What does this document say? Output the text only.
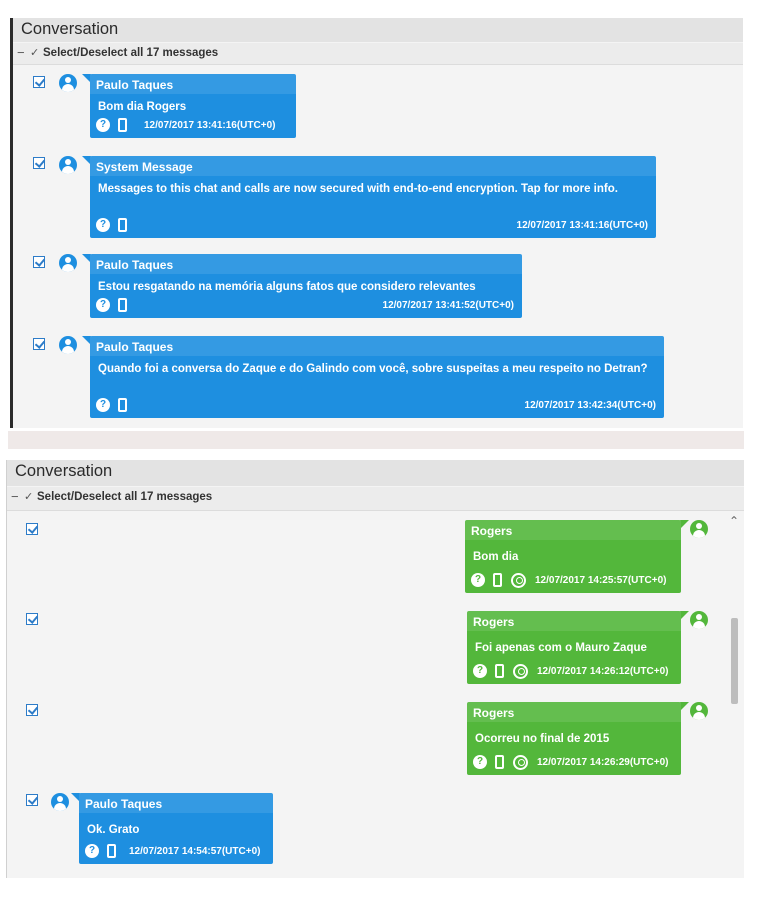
Conversation
− ✓ Select/Deselect all 17 messages
Paulo Taques
Bom dia Rogers
?	12/07/2017 13:41:16(UTC+0)
System Message
Messages to this chat and calls are now secured with end-to-end encryption. Tap for more info.
?	12/07/2017 13:41:16(UTC+0)
Paulo Taques
Estou resgatando na memória alguns fatos que considero relevantes
?	12/07/2017 13:41:52(UTC+0)
Paulo Taques
Quando foi a conversa do Zaque e do Galindo com você, sobre suspeitas a meu respeito no Detran?
?	12/07/2017 13:42:34(UTC+0)
Conversation
− ✓ Select/Deselect all 17 messages
⌃
Rogers
Bom dia
?	12/07/2017 14:25:57(UTC+0)
Rogers
Foi apenas com o Mauro Zaque
?	12/07/2017 14:26:12(UTC+0)
Rogers
Ocorreu no final de 2015
?	12/07/2017 14:26:29(UTC+0)
Paulo Taques
Ok. Grato
?	12/07/2017 14:54:57(UTC+0)
